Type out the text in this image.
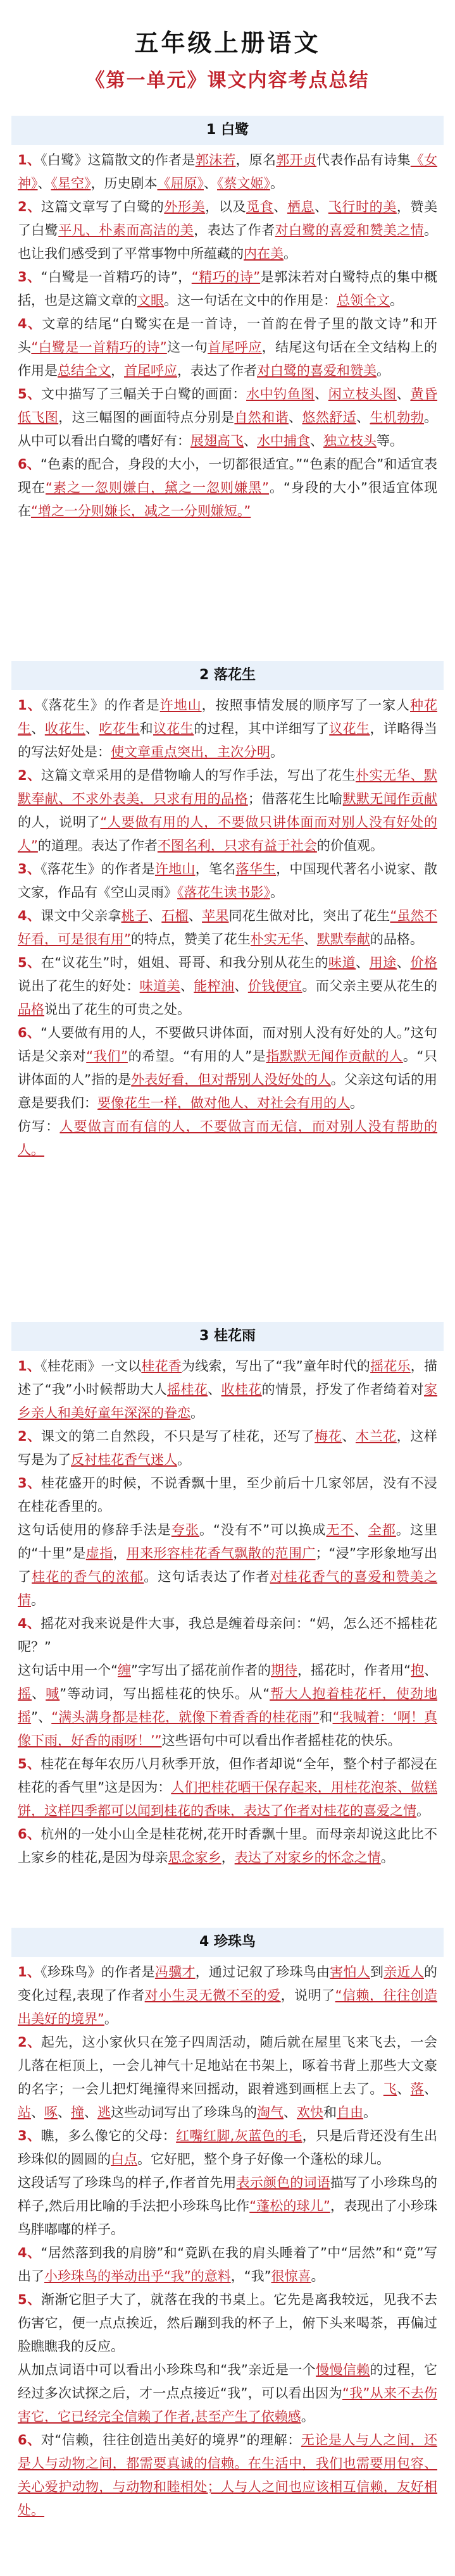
五年级上册语文
《第一单元》课文内容考点总结
1 白鹭

1、《白鹭》这篇散文的作者是郭沫若，原名郭开贞代表作品有诗集《女神》、《星空》，历史剧本《屈原》、《蔡文姬》。

2、这篇文章写了白鹭的外形美，以及觅食、栖息、飞行时的美，赞美了白鹭平凡、朴素而高洁的美，表达了作者对白鹭的喜爱和赞美之情。也让我们感受到了平常事物中所蕴藏的内在美。

3、“白鹭是一首精巧的诗”，“精巧的诗”是郭沫若对白鹭特点的集中概括，也是这篇文章的文眼。这一句话在文中的作用是：总领全文。

4、文章的结尾“白鹭实在是一首诗，一首韵在骨子里的散文诗”和开头“白鹭是一首精巧的诗”这一句首尾呼应，结尾这句话在全文结构上的作用是总结全文，首尾呼应，表达了作者对白鹭的喜爱和赞美。

5、文中描写了三幅关于白鹭的画面：水中钓鱼图、闲立枝头图、黄昏低飞图，这三幅图的画面特点分别是自然和谐、悠然舒适、生机勃勃。从中可以看出白鹭的嗜好有：展翅高飞、水中捕食、独立枝头等。

6、“色素的配合，身段的大小，一切都很适宜。”“色素的配合”和适宜表现在“素之一忽则嫌白，黛之一忽则嫌黑”。“身段的大小”很适宜体现在“增之一分则嫌长，减之一分则嫌短。”

2 落花生

1、《落花生》的作者是许地山，按照事情发展的顺序写了一家人种花生、收花生、吃花生和议花生的过程，其中详细写了议花生，详略得当的写法好处是：使文章重点突出，主次分明。

2、这篇文章采用的是借物喻人的写作手法，写出了花生朴实无华、默默奉献、不求外表美，只求有用的品格；借落花生比喻默默无闻作贡献的人，说明了“人要做有用的人，不要做只讲体面而对别人没有好处的人”的道理。表达了作者不图名利，只求有益于社会的价值观。

3、《落花生》的作者是许地山，笔名落华生，中国现代著名小说家、散文家，作品有《空山灵雨》《落花生读书影》。

4、课文中父亲拿桃子、石榴、苹果同花生做对比，突出了花生“虽然不好看，可是很有用”的特点，赞美了花生朴实无华、默默奉献的品格。

5、在“议花生”时，姐姐、哥哥、和我分别从花生的味道、用途、价格说出了花生的好处：味道美、能榨油、价钱便宜。而父亲主要从花生的品格说出了花生的可贵之处。

6、“人要做有用的人，不要做只讲体面，而对别人没有好处的人。”这句话是父亲对“我们”的希望。“有用的人”是指默默无闻作贡献的人。“只讲体面的人”指的是外表好看，但对帮别人没好处的人。父亲这句话的用意是要我们：要像花生一样，做对他人、对社会有用的人。

仿写：人要做言而有信的人，不要做言而无信，而对别人没有帮助的人。

3 桂花雨

1、《桂花雨》一文以桂花香为线索，写出了“我”童年时代的摇花乐，描述了“我”小时候帮助大人摇桂花、收桂花的情景，抒发了作者绮着对家乡亲人和美好童年深深的眷恋。

2、课文的第二自然段，不只是写了桂花，还写了梅花、木兰花，这样写是为了反衬桂花香气迷人。

3、桂花盛开的时候，不说香飘十里，至少前后十几家邻居，没有不浸在桂花香里的。

这句话使用的修辞手法是夸张。“没有不”可以换成无不、全都。这里的“十里”是虚指，用来形容桂花香气飘散的范围广；“浸”字形象地写出了桂花的香气的浓郁。这句话表达了作者对桂花香气的喜爱和赞美之情。

4、摇花对我来说是件大事，我总是缠着母亲问：“妈，怎么还不摇桂花呢？”

这句话中用一个“缠”字写出了摇花前作者的期待，摇花时，作者用“抱、摇、喊”等动词，写出摇桂花的快乐。从“帮大人抱着桂花杆，使劲地摇”、“满头满身都是桂花，就像下着香香的桂花雨”和“我喊着：‘啊！真像下雨，好香的雨呀！’”这些语句中可以看出作者摇桂花的快乐。

5、桂花在每年农历八月秋季开放，但作者却说“全年，整个村子都浸在桂花的香气里”这是因为：人们把桂花晒干保存起来，用桂花泡茶、做糕饼，这样四季都可以闻到桂花的香味，表达了作者对桂花的喜爱之情。

6、杭州的一处小山全是桂花树,花开时香飘十里。而母亲却说这此比不上家乡的桂花,是因为母亲思念家乡，表达了对家乡的怀念之情。

4 珍珠鸟

1、《珍珠鸟》的作者是冯骥才，通过记叙了珍珠鸟由害怕人到亲近人的变化过程,表现了作者对小生灵无微不至的爱，说明了“信赖，往往创造出美好的境界”。

2、起先，这小家伙只在笼子四周活动，随后就在屋里飞来飞去，一会儿落在柜顶上，一会儿神气十足地站在书架上，啄着书背上那些大文豪的名字；一会儿把灯绳撞得来回摇动，跟着逃到画框上去了。飞、落、站、啄、撞、逃这些动词写出了珍珠鸟的淘气、欢快和自由。

3、瞧，多么像它的父母：红嘴红脚,灰蓝色的毛，只是后背还没有生出珍珠似的圆圆的白点。它好肥，整个身子好像一个蓬松的球儿。

这段话写了珍珠鸟的样子,作者首先用表示颜色的词语描写了小珍珠鸟的样子,然后用比喻的手法把小珍珠鸟比作“蓬松的球儿”，表现出了小珍珠鸟胖嘟嘟的样子。

4、“居然落到我的肩膀”和“竟趴在我的肩头睡着了”中“居然”和“竟”写出了小珍珠鸟的举动出乎“我”的意料，“我”很惊喜。

5、渐渐它胆子大了，就落在我的书桌上。它先是离我较远，见我不去伤害它，便一点点挨近，然后蹦到我的杯子上，俯下头来喝茶，再偏过脸瞧瞧我的反应。

从加点词语中可以看出小珍珠鸟和“我”亲近是一个慢慢信赖的过程，它经过多次试探之后，才一点点接近“我”，可以看出因为“我”从来不去伤害它，它已经完全信赖了作者,甚至产生了依赖感。

6、对“信赖，往往创造出美好的境界”的理解：无论是人与人之间，还是人与动物之间，都需要真诚的信赖。在生活中，我们也需要用包容、关心爱护动物，与动物和睦相处；人与人之间也应该相互信赖，友好相处。
